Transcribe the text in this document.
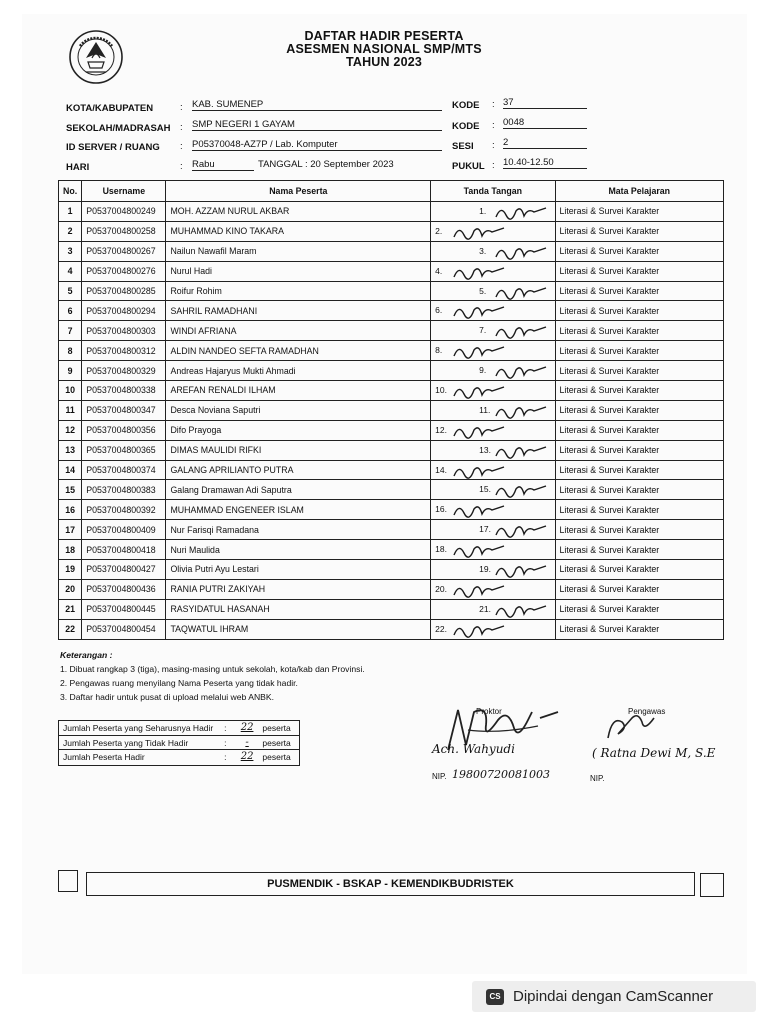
DAFTAR HADIR PESERTA
ASESMEN NASIONAL SMP/MTS
TAHUN 2023
KOTA/KABUPATEN	: KAB. SUMENEP
SEKOLAH/MADRASAH : SMP NEGERI 1 GAYAM
ID SERVER / RUANG : P05370048-AZ7P / Lab. Komputer
HARI	: Rabu	TANGGAL : 20 September 2023
KODE : 37
KODE : 0048
SESI : 2
PUKUL : 10.40-12.50
No.	Username	Nama Peserta	Tanda Tangan	Mata Pelajaran
1	P0537004800249	MOH. AZZAM NURUL AKBAR	1.	Literasi & Survei Karakter
2	P0537004800258	MUHAMMAD KINO TAKARA	2.	Literasi & Survei Karakter
3	P0537004800267	Nailun Nawafil Maram	3.	Literasi & Survei Karakter
4	P0537004800276	Nurul Hadi	4.	Literasi & Survei Karakter
5	P0537004800285	Roifur Rohim	5.	Literasi & Survei Karakter
6	P0537004800294	SAHRIL RAMADHANI	6.	Literasi & Survei Karakter
7	P0537004800303	WINDI AFRIANA	7.	Literasi & Survei Karakter
8	P0537004800312	ALDIN NANDEO SEFTA RAMADHAN	8.	Literasi & Survei Karakter
9	P0537004800329	Andreas Hajaryus Mukti Ahmadi	9.	Literasi & Survei Karakter
10	P0537004800338	AREFAN RENALDI ILHAM	10.	Literasi & Survei Karakter
11	P0537004800347	Desca Noviana Saputri	11.	Literasi & Survei Karakter
12	P0537004800356	Difo Prayoga	12.	Literasi & Survei Karakter
13	P0537004800365	DIMAS MAULIDI RIFKI	13.	Literasi & Survei Karakter
14	P0537004800374	GALANG APRILIANTO PUTRA	14.	Literasi & Survei Karakter
15	P0537004800383	Galang Dramawan Adi Saputra	15.	Literasi & Survei Karakter
16	P0537004800392	MUHAMMAD ENGENEER ISLAM	16.	Literasi & Survei Karakter
17	P0537004800409	Nur Farisqi Ramadana	17.	Literasi & Survei Karakter
18	P0537004800418	Nuri Maulida	18.	Literasi & Survei Karakter
19	P0537004800427	Olivia Putri Ayu Lestari	19.	Literasi & Survei Karakter
20	P0537004800436	RANIA PUTRI ZAKIYAH	20.	Literasi & Survei Karakter
21	P0537004800445	RASYIDATUL HASANAH	21.	Literasi & Survei Karakter
22	P0537004800454	TAQWATUL IHRAM	22.	Literasi & Survei Karakter
Keterangan :
1. Dibuat rangkap 3 (tiga), masing-masing untuk sekolah, kota/kab dan Provinsi.
2. Pengawas ruang menyilang Nama Peserta yang tidak hadir.
3. Daftar hadir untuk pusat di upload melalui web ANBK.
Jumlah Peserta yang Seharusnya Hadir	:	22	peserta
Jumlah Peserta yang Tidak Hadir	:	-	peserta
Jumlah Peserta Hadir	:	22	peserta
Proktor
Ach. Wahyudi
NIP. 19800720081003
Pengawas
( Ratna Dewi M, S.E
NIP.
PUSMENDIK - BSKAP - KEMENDIKBUDRISTEK
CS Dipindai dengan CamScanner
